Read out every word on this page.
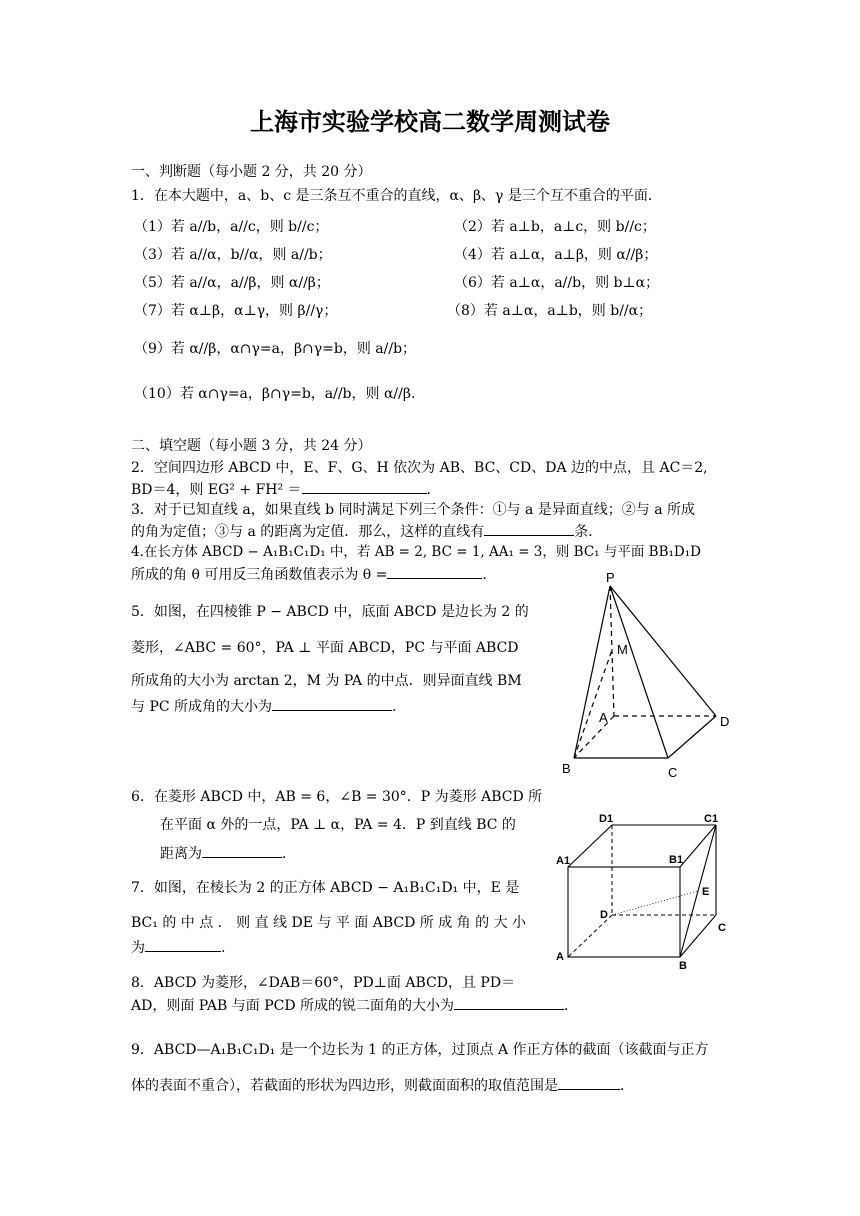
上海市实验学校高二数学周测试卷
一、判断题（每小题 2 分，共 20 分）
1．在本大题中，a、b、c 是三条互不重合的直线，α、β、γ 是三个互不重合的平面．
（1）若 a//b，a//c，则 b//c；	（2）若 a⊥b，a⊥c，则 b//c；
（3）若 a//α，b//α，则 a//b；	（4）若 a⊥α，a⊥β，则 α//β；
（5）若 a//α，a//β，则 α//β；	（6）若 a⊥α，a//b，则 b⊥α；
（7）若 α⊥β，α⊥γ，则 β//γ；	（8）若 a⊥α，a⊥b，则 b//α；
（9）若 α//β，α∩γ=a，β∩γ=b，则 a//b；
（10）若 α∩γ=a，β∩γ=b，a//b，则 α//β．
二、填空题（每小题 3 分，共 24 分）
2．空间四边形 ABCD 中，E、F、G、H 依次为 AB、BC、CD、DA 边的中点，且 AC＝2,
BD＝4，则 EG² + FH² ＝	.
3．对于已知直线 a，如果直线 b 同时满足下列三个条件：①与 a 是异面直线；②与 a 所成
的角为定值；③与 a 的距离为定值．那么，这样的直线有	条.
4.在长方体 ABCD − A₁B₁C₁D₁ 中，若 AB = 2, BC = 1, AA₁ = 3，则 BC₁ 与平面 BB₁D₁D
所成的角 θ 可用反三角函数值表示为 θ =	.
5．如图，在四棱锥 P − ABCD 中，底面 ABCD 是边长为 2 的
菱形，∠ABC = 60°，PA ⊥ 平面 ABCD，PC 与平面 ABCD
所成角的大小为 arctan 2，M 为 PA 的中点．则异面直线 BM
与 PC 所成角的大小为	.
P
M
A
B	C
D
6．在菱形 ABCD 中，AB = 6，∠B = 30°．P 为菱形 ABCD 所
在平面 α 外的一点，PA ⊥ α，PA = 4．P 到直线 BC 的
距离为	.
7．如图，在棱长为 2 的正方体 ABCD − A₁B₁C₁D₁ 中，E 是
BC₁ 的 中 点 ． 则 直 线 DE 与 平 面 ABCD 所 成 角 的 大 小
为	.
D1	C1
A1	B1
E
D
C
A
B
8．ABCD 为菱形，∠DAB＝60°，PD⊥面 ABCD，且 PD＝
AD，则面 PAB 与面 PCD 所成的锐二面角的大小为	.
9．ABCD—A₁B₁C₁D₁ 是一个边长为 1 的正方体，过顶点 A 作正方体的截面（该截面与正方
体的表面不重合），若截面的形状为四边形，则截面面积的取值范围是	.
